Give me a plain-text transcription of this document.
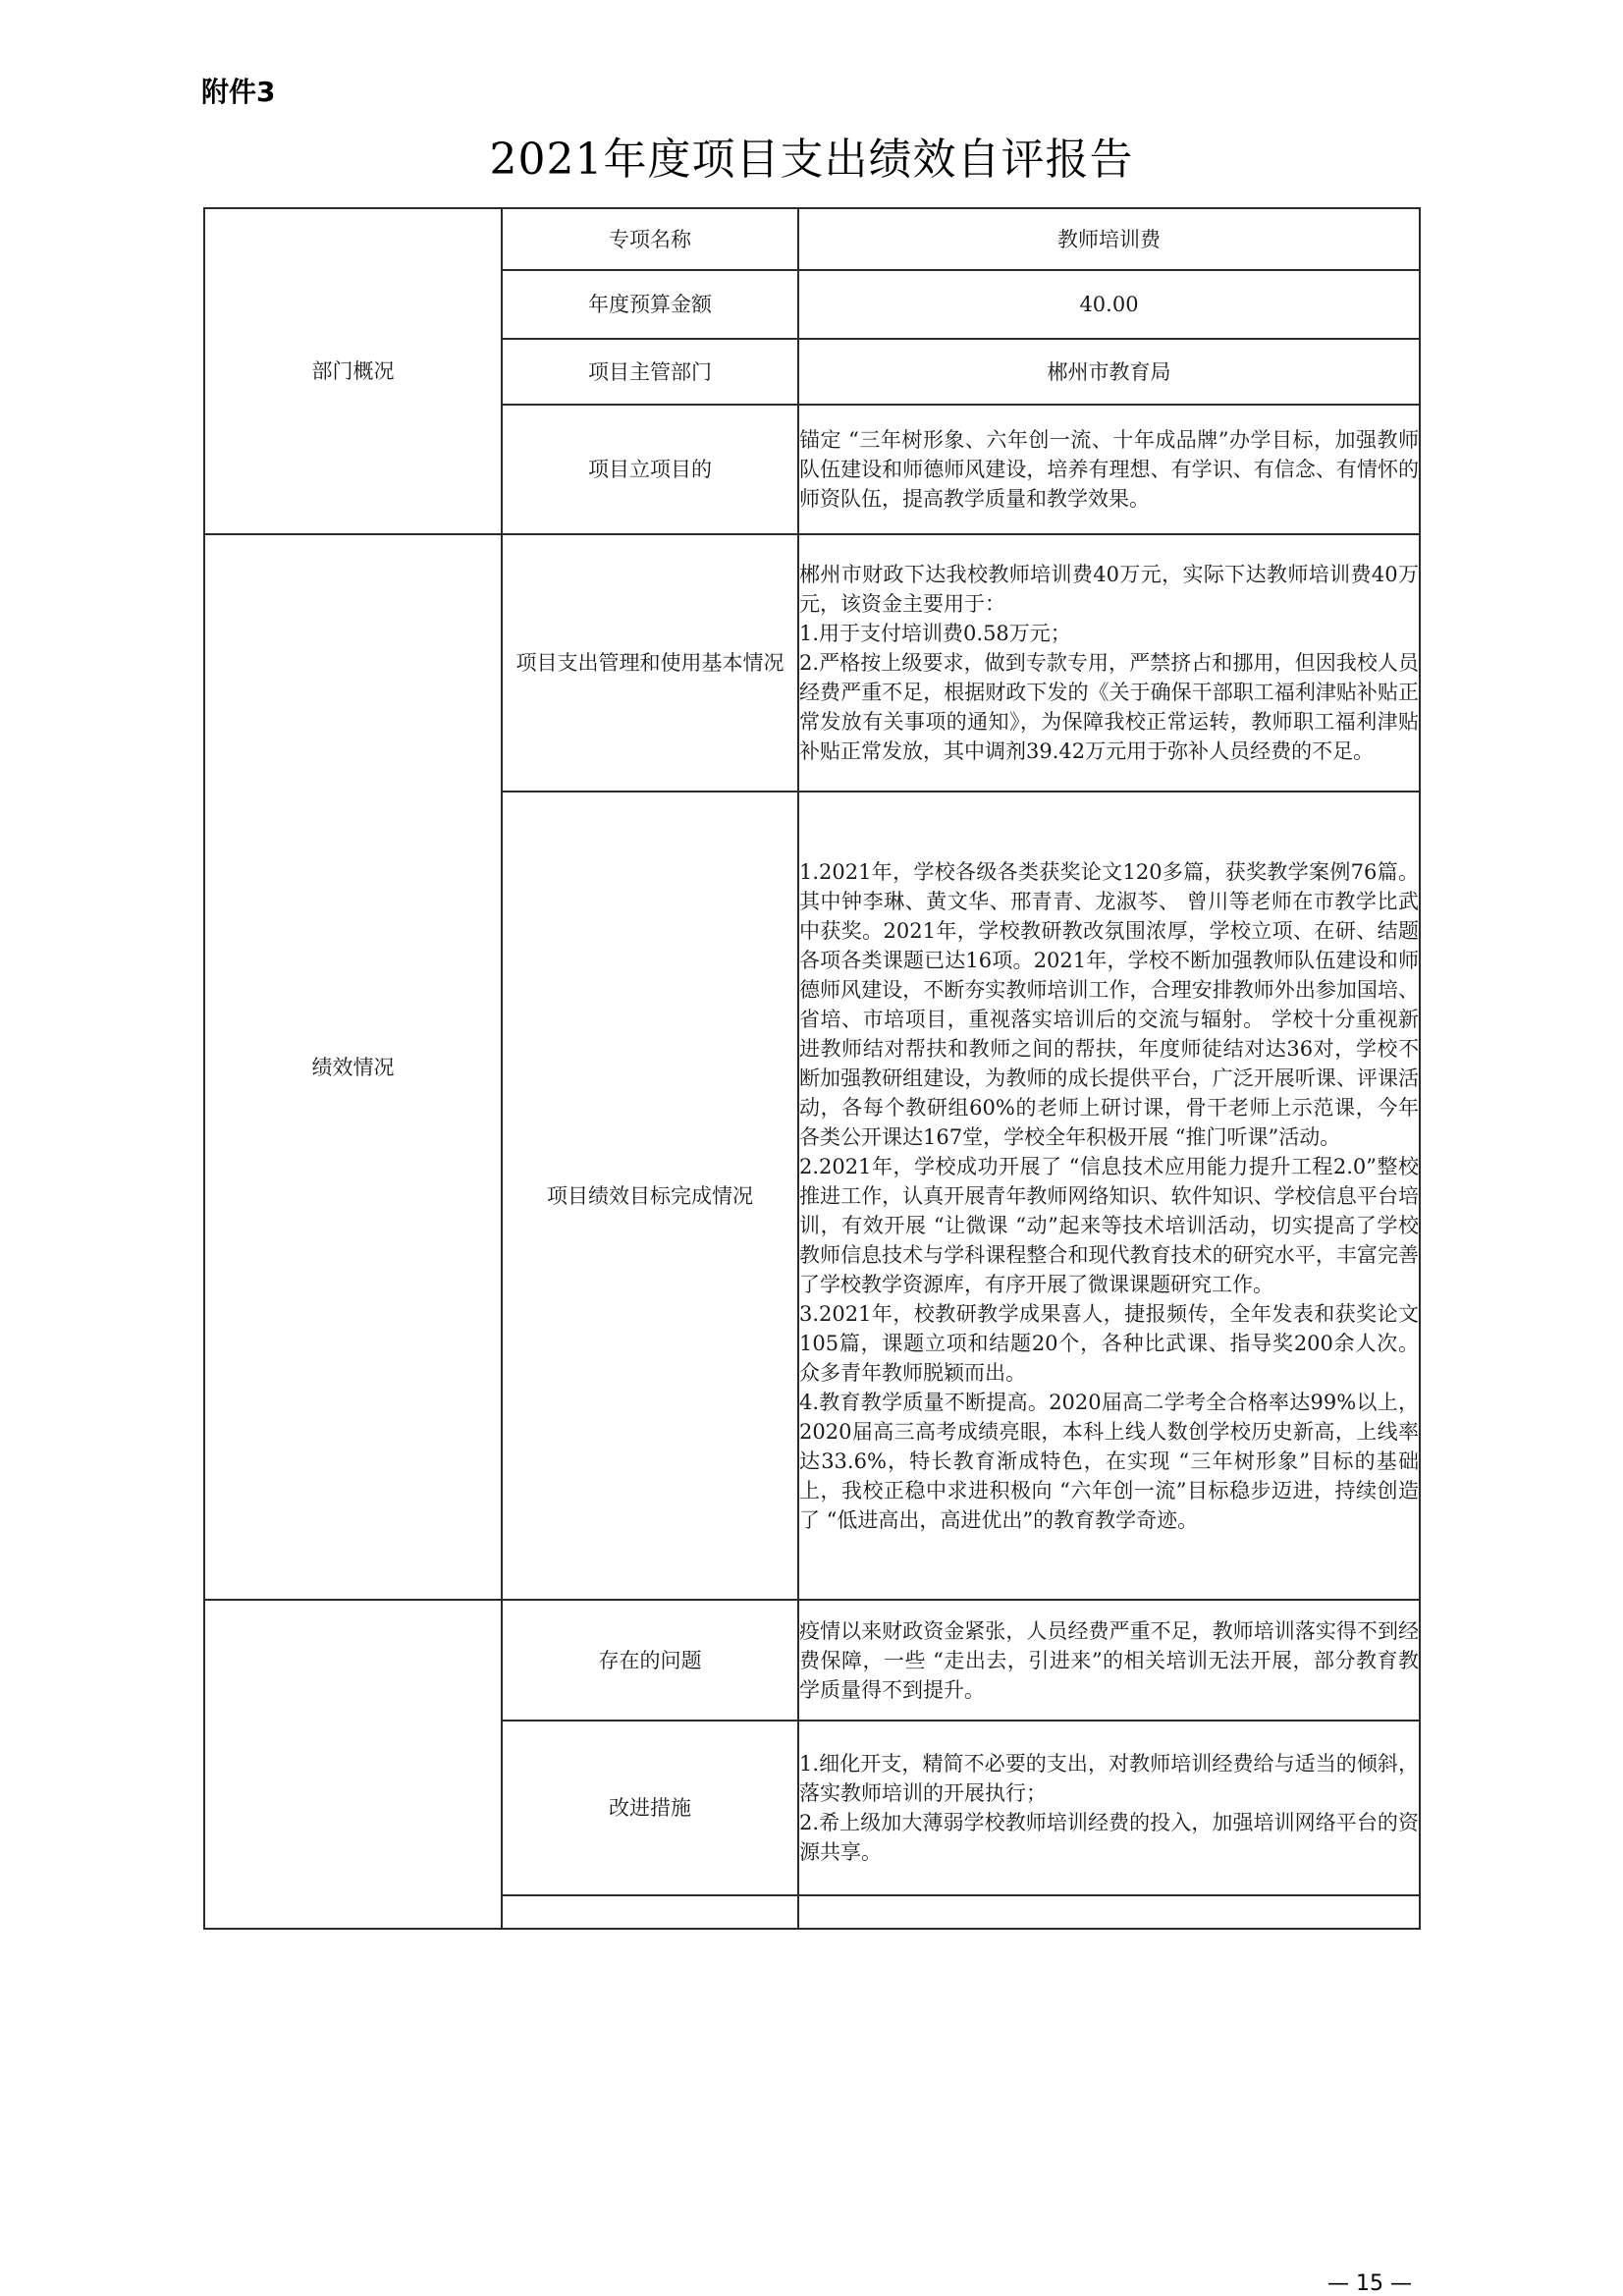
附件3
2021年度项目支出绩效自评报告
部门概况	专项名称	教师培训费
	年度预算金额	40.00
	项目主管部门	郴州市教育局
	项目立项目的	锚定 “三年树形象、六年创一流、十年成品牌”办学目标，加强教师队伍建设和师德师风建设，培养有理想、有学识、有信念、有情怀的师资队伍，提高教学质量和教学效果。

绩效情况	项目支出管理和使用基本情况	郴州市财政下达我校教师培训费40万元，实际下达教师培训费40万元，该资金主要用于：
1.用于支付培训费0.58万元；
2.严格按上级要求，做到专款专用，严禁挤占和挪用，但因我校人员经费严重不足，根据财政下发的《关于确保干部职工福利津贴补贴正常发放有关事项的通知》，为保障我校正常运转，教师职工福利津贴补贴正常发放，其中调剂39.42万元用于弥补人员经费的不足。

	项目绩效目标完成情况	1.2021年，学校各级各类获奖论文120多篇，获奖教学案例76篇。其中钟李琳、黄文华、邢青青、龙淑芩、 曾川等老师在市教学比武中获奖。2021年，学校教研教改氛围浓厚，学校立项、在研、结题各项各类课题已达16项。2021年，学校不断加强教师队伍建设和师德师风建设，不断夯实教师培训工作，合理安排教师外出参加国培、省培、市培项目，重视落实培训后的交流与辐射。 学校十分重视新进教师结对帮扶和教师之间的帮扶，年度师徒结对达36对，学校不断加强教研组建设，为教师的成长提供平台，广泛开展听课、评课活动，各每个教研组60%的老师上研讨课，骨干老师上示范课，今年各类公开课达167堂，学校全年积极开展 “推门听课”活动。
2.2021年，学校成功开展了 “信息技术应用能力提升工程2.0”整校推进工作，认真开展青年教师网络知识、软件知识、学校信息平台培训，有效开展 “让微课 “动”起来等技术培训活动，切实提高了学校教师信息技术与学科课程整合和现代教育技术的研究水平，丰富完善了学校教学资源库，有序开展了微课课题研究工作。
3.2021年，校教研教学成果喜人，捷报频传，全年发表和获奖论文105篇，课题立项和结题20个，各种比武课、指导奖200余人次。众多青年教师脱颖而出。
4.教育教学质量不断提高。2020届高二学考全合格率达99%以上，2020届高三高考成绩亮眼，本科上线人数创学校历史新高，上线率达33.6%，特长教育渐成特色，在实现 “三年树形象”目标的基础上，我校正稳中求进积极向 “六年创一流”目标稳步迈进，持续创造了 “低进高出，高进优出”的教育教学奇迹。

	存在的问题	疫情以来财政资金紧张，人员经费严重不足，教师培训落实得不到经费保障，一些 “走出去，引进来”的相关培训无法开展，部分教育教学质量得不到提升。

	改进措施	1.细化开支，精简不必要的支出，对教师培训经费给与适当的倾斜，落实教师培训的开展执行；
2.希上级加大薄弱学校教师培训经费的投入，加强培训网络平台的资源共享。

— 15 —
